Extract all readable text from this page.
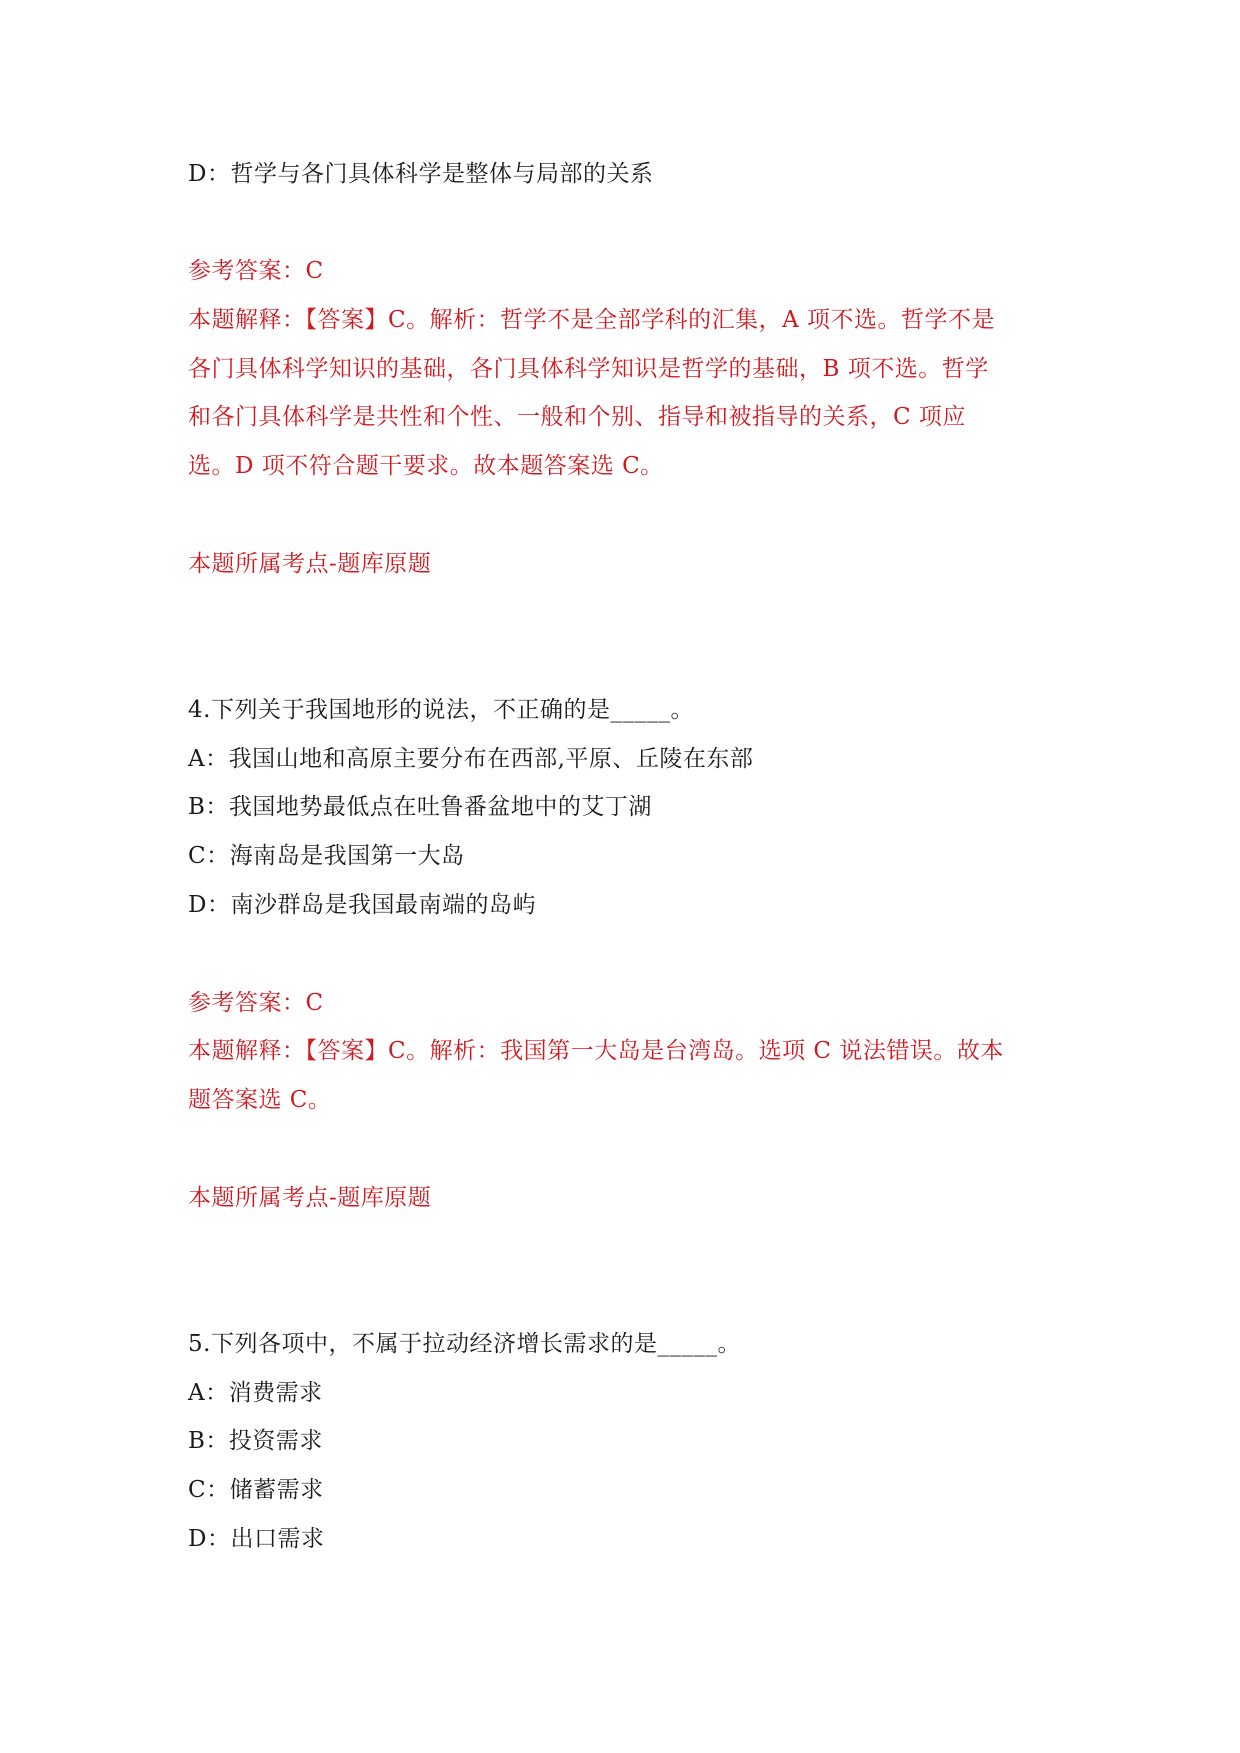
D：哲学与各门具体科学是整体与局部的关系
参考答案：C
本题解释：【答案】C。解析：哲学不是全部学科的汇集，A 项不选。哲学不是
各门具体科学知识的基础，各门具体科学知识是哲学的基础，B 项不选。哲学
和各门具体科学是共性和个性、一般和个别、指导和被指导的关系，C 项应
选。D 项不符合题干要求。故本题答案选 C。
本题所属考点-题库原题
4.下列关于我国地形的说法，不正确的是_____。
A：我国山地和高原主要分布在西部,平原、丘陵在东部
B：我国地势最低点在吐鲁番盆地中的艾丁湖
C：海南岛是我国第一大岛
D：南沙群岛是我国最南端的岛屿
参考答案：C
本题解释：【答案】C。解析：我国第一大岛是台湾岛。选项 C 说法错误。故本
题答案选 C。
本题所属考点-题库原题
5.下列各项中，不属于拉动经济增长需求的是_____。
A：消费需求
B：投资需求
C：储蓄需求
D：出口需求
